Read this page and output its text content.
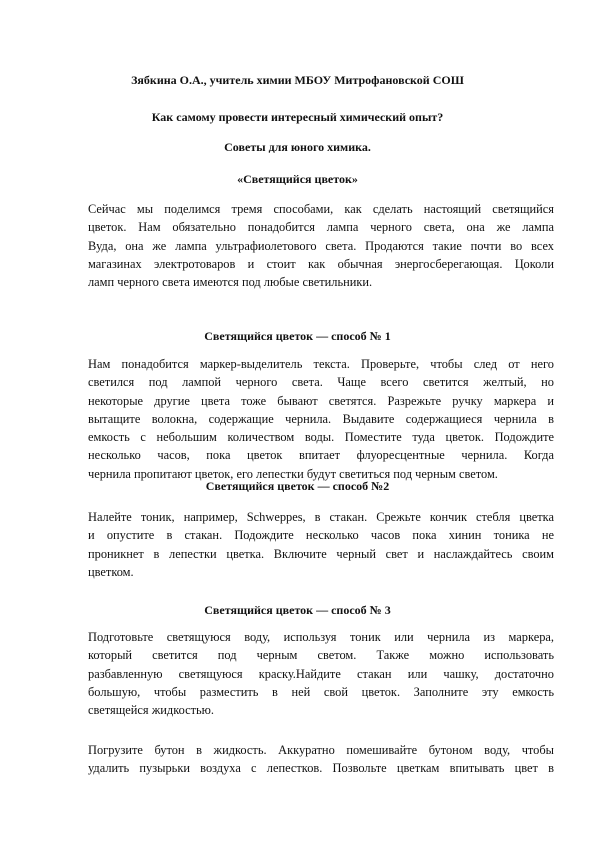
Зябкина О.А., учитель химии МБОУ Митрофановской СОШ
Как самому провести интересный химический опыт?
Советы для юного химика.
«Светящийся цветок»
Сейчас мы поделимся тремя способами, как сделать настоящий светящийся
цветок. Нам обязательно понадобится лампа черного света, она же лампа
Вуда, она же лампа ультрафиолетового света. Продаются такие почти во всех
магазинах электротоваров и стоит как обычная энергосберегающая. Цоколи
ламп черного света имеются под любые светильники.
Светящийся цветок — способ № 1
Нам понадобится маркер-выделитель текста. Проверьте, чтобы след от него
светился под лампой черного света. Чаще всего светится желтый, но
некоторые другие цвета тоже бывают светятся. Разрежьте ручку маркера и
вытащите волокна, содержащие чернила. Выдавите содержащиеся чернила в
емкость с небольшим количеством воды. Поместите туда цветок. Подождите
несколько часов, пока цветок впитает флуоресцентные чернила. Когда
чернила пропитают цветок, его лепестки будут светиться под черным светом.
Светящийся цветок — способ №2
Налейте тоник, например, Schweppes, в стакан. Срежьте кончик стебля цветка
и опустите в стакан. Подождите несколько часов пока хинин тоника не
проникнет в лепестки цветка. Включите черный свет и наслаждайтесь своим
цветком.
Светящийся цветок — способ № 3
Подготовьте светящуюся воду, используя тоник или чернила из маркера,
который светится под черным светом. Также можно использовать
разбавленную светящуюся краску.Найдите стакан или чашку, достаточно
большую, чтобы разместить в ней свой цветок. Заполните эту емкость
светящейся жидкостью.
Погрузите бутон в жидкость. Аккуратно помешивайте бутоном воду, чтобы
удалить пузырьки воздуха с лепестков. Позвольте цветкам впитывать цвет в
